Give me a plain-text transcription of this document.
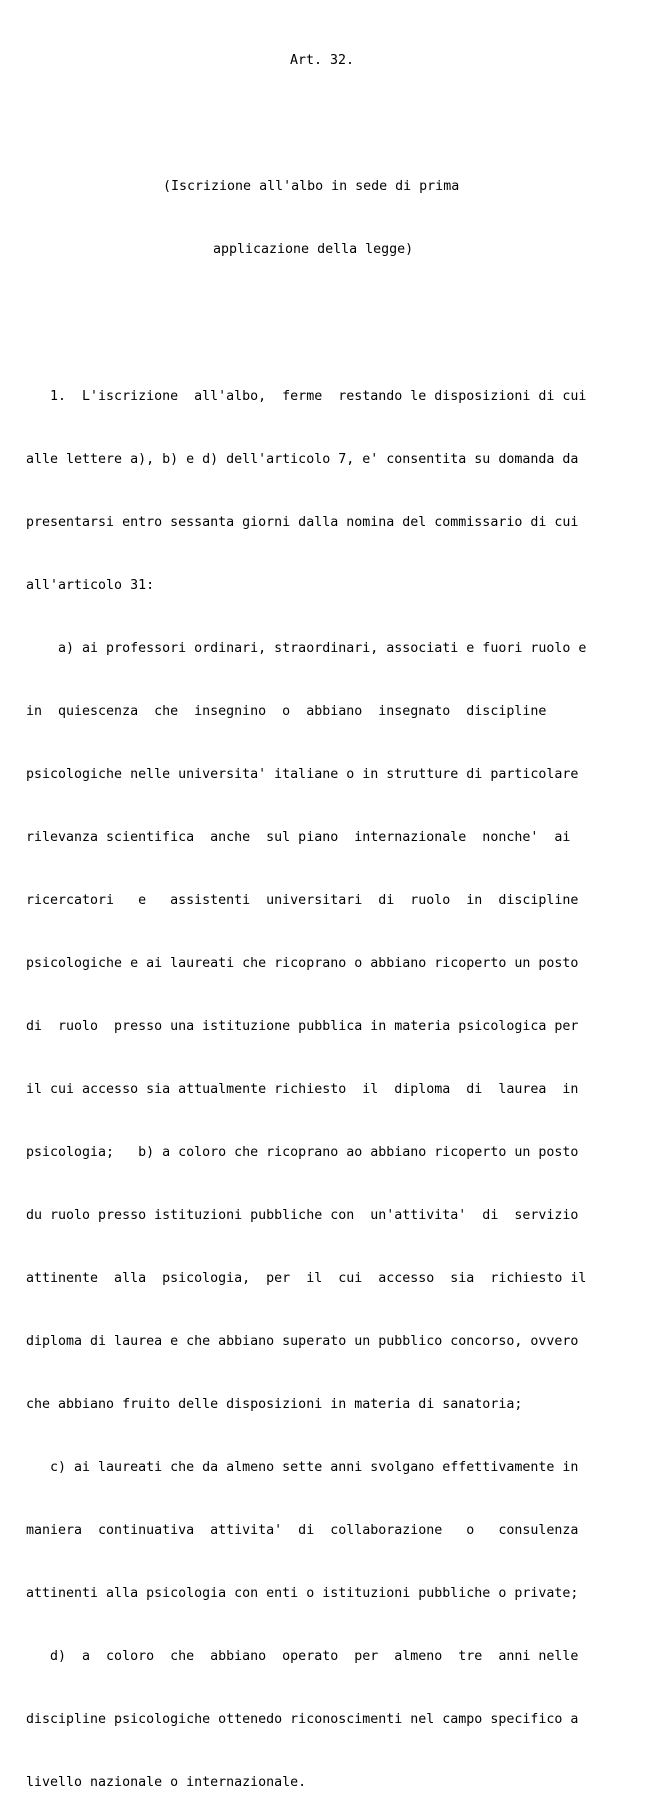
Art. 32.

(Iscrizione all'albo in sede di prima

applicazione della legge)

1.  L'iscrizione  all'albo,  ferme  restando le disposizioni di cui

alle lettere a), b) e d) dell'articolo 7, e' consentita su domanda da

presentarsi entro sessanta giorni dalla nomina del commissario di cui

all'articolo 31:

a) ai professori ordinari, straordinari, associati e fuori ruolo e

in  quiescenza  che  insegnino  o  abbiano  insegnato  discipline

psicologiche nelle universita' italiane o in strutture di particolare

rilevanza scientifica  anche  sul piano  internazionale  nonche'  ai

ricercatori   e   assistenti  universitari  di  ruolo  in  discipline

psicologiche e ai laureati che ricoprano o abbiano ricoperto un posto

di  ruolo  presso una istituzione pubblica in materia psicologica per

il cui accesso sia attualmente richiesto  il  diploma  di  laurea  in

psicologia;   b) a coloro che ricoprano ao abbiano ricoperto un posto

du ruolo presso istituzioni pubbliche con  un'attivita'  di  servizio

attinente  alla  psicologia,  per  il  cui  accesso  sia  richiesto il

diploma di laurea e che abbiano superato un pubblico concorso, ovvero

che abbiano fruito delle disposizioni in materia di sanatoria;

c) ai laureati che da almeno sette anni svolgano effettivamente in

maniera  continuativa  attivita'  di  collaborazione   o   consulenza

attinenti alla psicologia con enti o istituzioni pubbliche o private;

d)  a  coloro  che  abbiano  operato  per  almeno  tre  anni nelle

discipline psicologiche ottenedo riconoscimenti nel campo specifico a

livello nazionale o internazionale.
